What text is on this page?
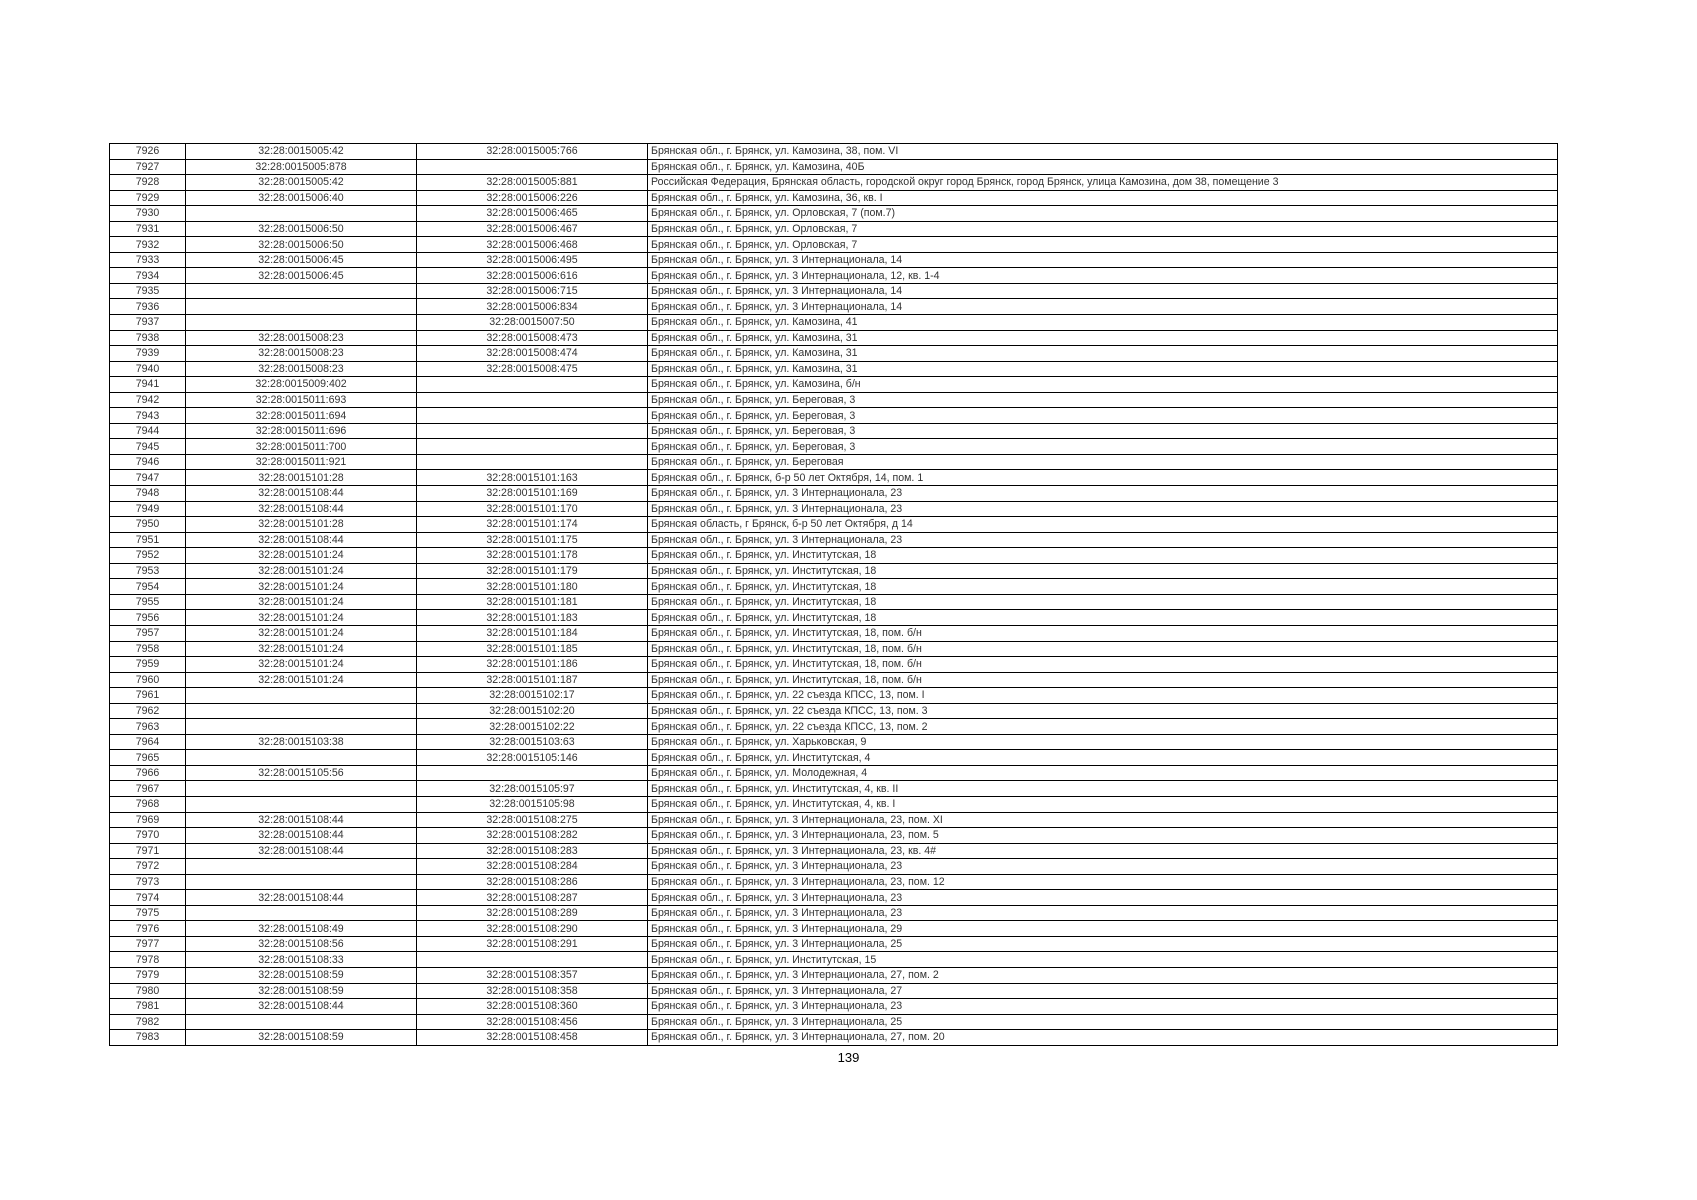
7926	32:28:0015005:42	32:28:0015005:766	Брянская обл., г. Брянск, ул. Камозина, 38, пом. VI
7927	32:28:0015005:878		Брянская обл., г. Брянск, ул. Камозина, 40Б
7928	32:28:0015005:42	32:28:0015005:881	Российская Федерация, Брянская область, городской округ город Брянск, город Брянск, улица Камозина, дом 38, помещение 3
7929	32:28:0015006:40	32:28:0015006:226	Брянская обл., г. Брянск, ул. Камозина, 36, кв. I
7930		32:28:0015006:465	Брянская обл., г. Брянск, ул. Орловская, 7 (пом.7)
7931	32:28:0015006:50	32:28:0015006:467	Брянская обл., г. Брянск, ул. Орловская, 7
7932	32:28:0015006:50	32:28:0015006:468	Брянская обл., г. Брянск, ул. Орловская, 7
7933	32:28:0015006:45	32:28:0015006:495	Брянская обл., г. Брянск, ул. 3 Интернационала, 14
7934	32:28:0015006:45	32:28:0015006:616	Брянская обл., г. Брянск, ул. 3 Интернационала, 12, кв. 1-4
7935		32:28:0015006:715	Брянская обл., г. Брянск, ул. 3 Интернационала, 14
7936		32:28:0015006:834	Брянская обл., г. Брянск, ул. 3 Интернационала, 14
7937		32:28:0015007:50	Брянская обл., г. Брянск, ул. Камозина, 41
7938	32:28:0015008:23	32:28:0015008:473	Брянская обл., г. Брянск, ул. Камозина, 31
7939	32:28:0015008:23	32:28:0015008:474	Брянская обл., г. Брянск, ул. Камозина, 31
7940	32:28:0015008:23	32:28:0015008:475	Брянская обл., г. Брянск, ул. Камозина, 31
7941	32:28:0015009:402		Брянская обл., г. Брянск, ул. Камозина, б/н
7942	32:28:0015011:693		Брянская обл., г. Брянск, ул. Береговая, 3
7943	32:28:0015011:694		Брянская обл., г. Брянск, ул. Береговая, 3
7944	32:28:0015011:696		Брянская обл., г. Брянск, ул. Береговая, 3
7945	32:28:0015011:700		Брянская обл., г. Брянск, ул. Береговая, 3
7946	32:28:0015011:921		Брянская обл., г. Брянск, ул. Береговая
7947	32:28:0015101:28	32:28:0015101:163	Брянская обл., г. Брянск, б-р 50 лет Октября, 14, пом. 1
7948	32:28:0015108:44	32:28:0015101:169	Брянская обл., г. Брянск, ул. 3 Интернационала, 23
7949	32:28:0015108:44	32:28:0015101:170	Брянская обл., г. Брянск, ул. 3 Интернационала, 23
7950	32:28:0015101:28	32:28:0015101:174	Брянская область, г Брянск, б-р 50 лет Октября, д 14
7951	32:28:0015108:44	32:28:0015101:175	Брянская обл., г. Брянск, ул. 3 Интернационала, 23
7952	32:28:0015101:24	32:28:0015101:178	Брянская обл., г. Брянск, ул. Институтская, 18
7953	32:28:0015101:24	32:28:0015101:179	Брянская обл., г. Брянск, ул. Институтская, 18
7954	32:28:0015101:24	32:28:0015101:180	Брянская обл., г. Брянск, ул. Институтская, 18
7955	32:28:0015101:24	32:28:0015101:181	Брянская обл., г. Брянск, ул. Институтская, 18
7956	32:28:0015101:24	32:28:0015101:183	Брянская обл., г. Брянск, ул. Институтская, 18
7957	32:28:0015101:24	32:28:0015101:184	Брянская обл., г. Брянск, ул. Институтская, 18, пом. б/н
7958	32:28:0015101:24	32:28:0015101:185	Брянская обл., г. Брянск, ул. Институтская, 18, пом. б/н
7959	32:28:0015101:24	32:28:0015101:186	Брянская обл., г. Брянск, ул. Институтская, 18, пом. б/н
7960	32:28:0015101:24	32:28:0015101:187	Брянская обл., г. Брянск, ул. Институтская, 18, пом. б/н
7961		32:28:0015102:17	Брянская обл., г. Брянск, ул. 22 съезда КПСС, 13, пом. I
7962		32:28:0015102:20	Брянская обл., г. Брянск, ул. 22 съезда КПСС, 13, пом. 3
7963		32:28:0015102:22	Брянская обл., г. Брянск, ул. 22 съезда КПСС, 13, пом. 2
7964	32:28:0015103:38	32:28:0015103:63	Брянская обл., г. Брянск, ул. Харьковская, 9
7965		32:28:0015105:146	Брянская обл., г. Брянск, ул. Институтская, 4
7966	32:28:0015105:56		Брянская обл., г. Брянск, ул. Молодежная, 4
7967		32:28:0015105:97	Брянская обл., г. Брянск, ул. Институтская, 4, кв. II
7968		32:28:0015105:98	Брянская обл., г. Брянск, ул. Институтская, 4, кв. I
7969	32:28:0015108:44	32:28:0015108:275	Брянская обл., г. Брянск, ул. 3 Интернационала, 23, пом. XI
7970	32:28:0015108:44	32:28:0015108:282	Брянская обл., г. Брянск, ул. 3 Интернационала, 23, пом. 5
7971	32:28:0015108:44	32:28:0015108:283	Брянская обл., г. Брянск, ул. 3 Интернационала, 23, кв. 4#
7972		32:28:0015108:284	Брянская обл., г. Брянск, ул. 3 Интернационала, 23
7973		32:28:0015108:286	Брянская обл., г. Брянск, ул. 3 Интернационала, 23, пом. 12
7974	32:28:0015108:44	32:28:0015108:287	Брянская обл., г. Брянск, ул. 3 Интернационала, 23
7975		32:28:0015108:289	Брянская обл., г. Брянск, ул. 3 Интернационала, 23
7976	32:28:0015108:49	32:28:0015108:290	Брянская обл., г. Брянск, ул. 3 Интернационала, 29
7977	32:28:0015108:56	32:28:0015108:291	Брянская обл., г. Брянск, ул. 3 Интернационала, 25
7978	32:28:0015108:33		Брянская обл., г. Брянск, ул. Институтская, 15
7979	32:28:0015108:59	32:28:0015108:357	Брянская обл., г. Брянск, ул. 3 Интернационала, 27, пом. 2
7980	32:28:0015108:59	32:28:0015108:358	Брянская обл., г. Брянск, ул. 3 Интернационала, 27
7981	32:28:0015108:44	32:28:0015108:360	Брянская обл., г. Брянск, ул. 3 Интернационала, 23
7982		32:28:0015108:456	Брянская обл., г. Брянск, ул. 3 Интернационала, 25
7983	32:28:0015108:59	32:28:0015108:458	Брянская обл., г. Брянск, ул. 3 Интернационала, 27, пом. 20
139
